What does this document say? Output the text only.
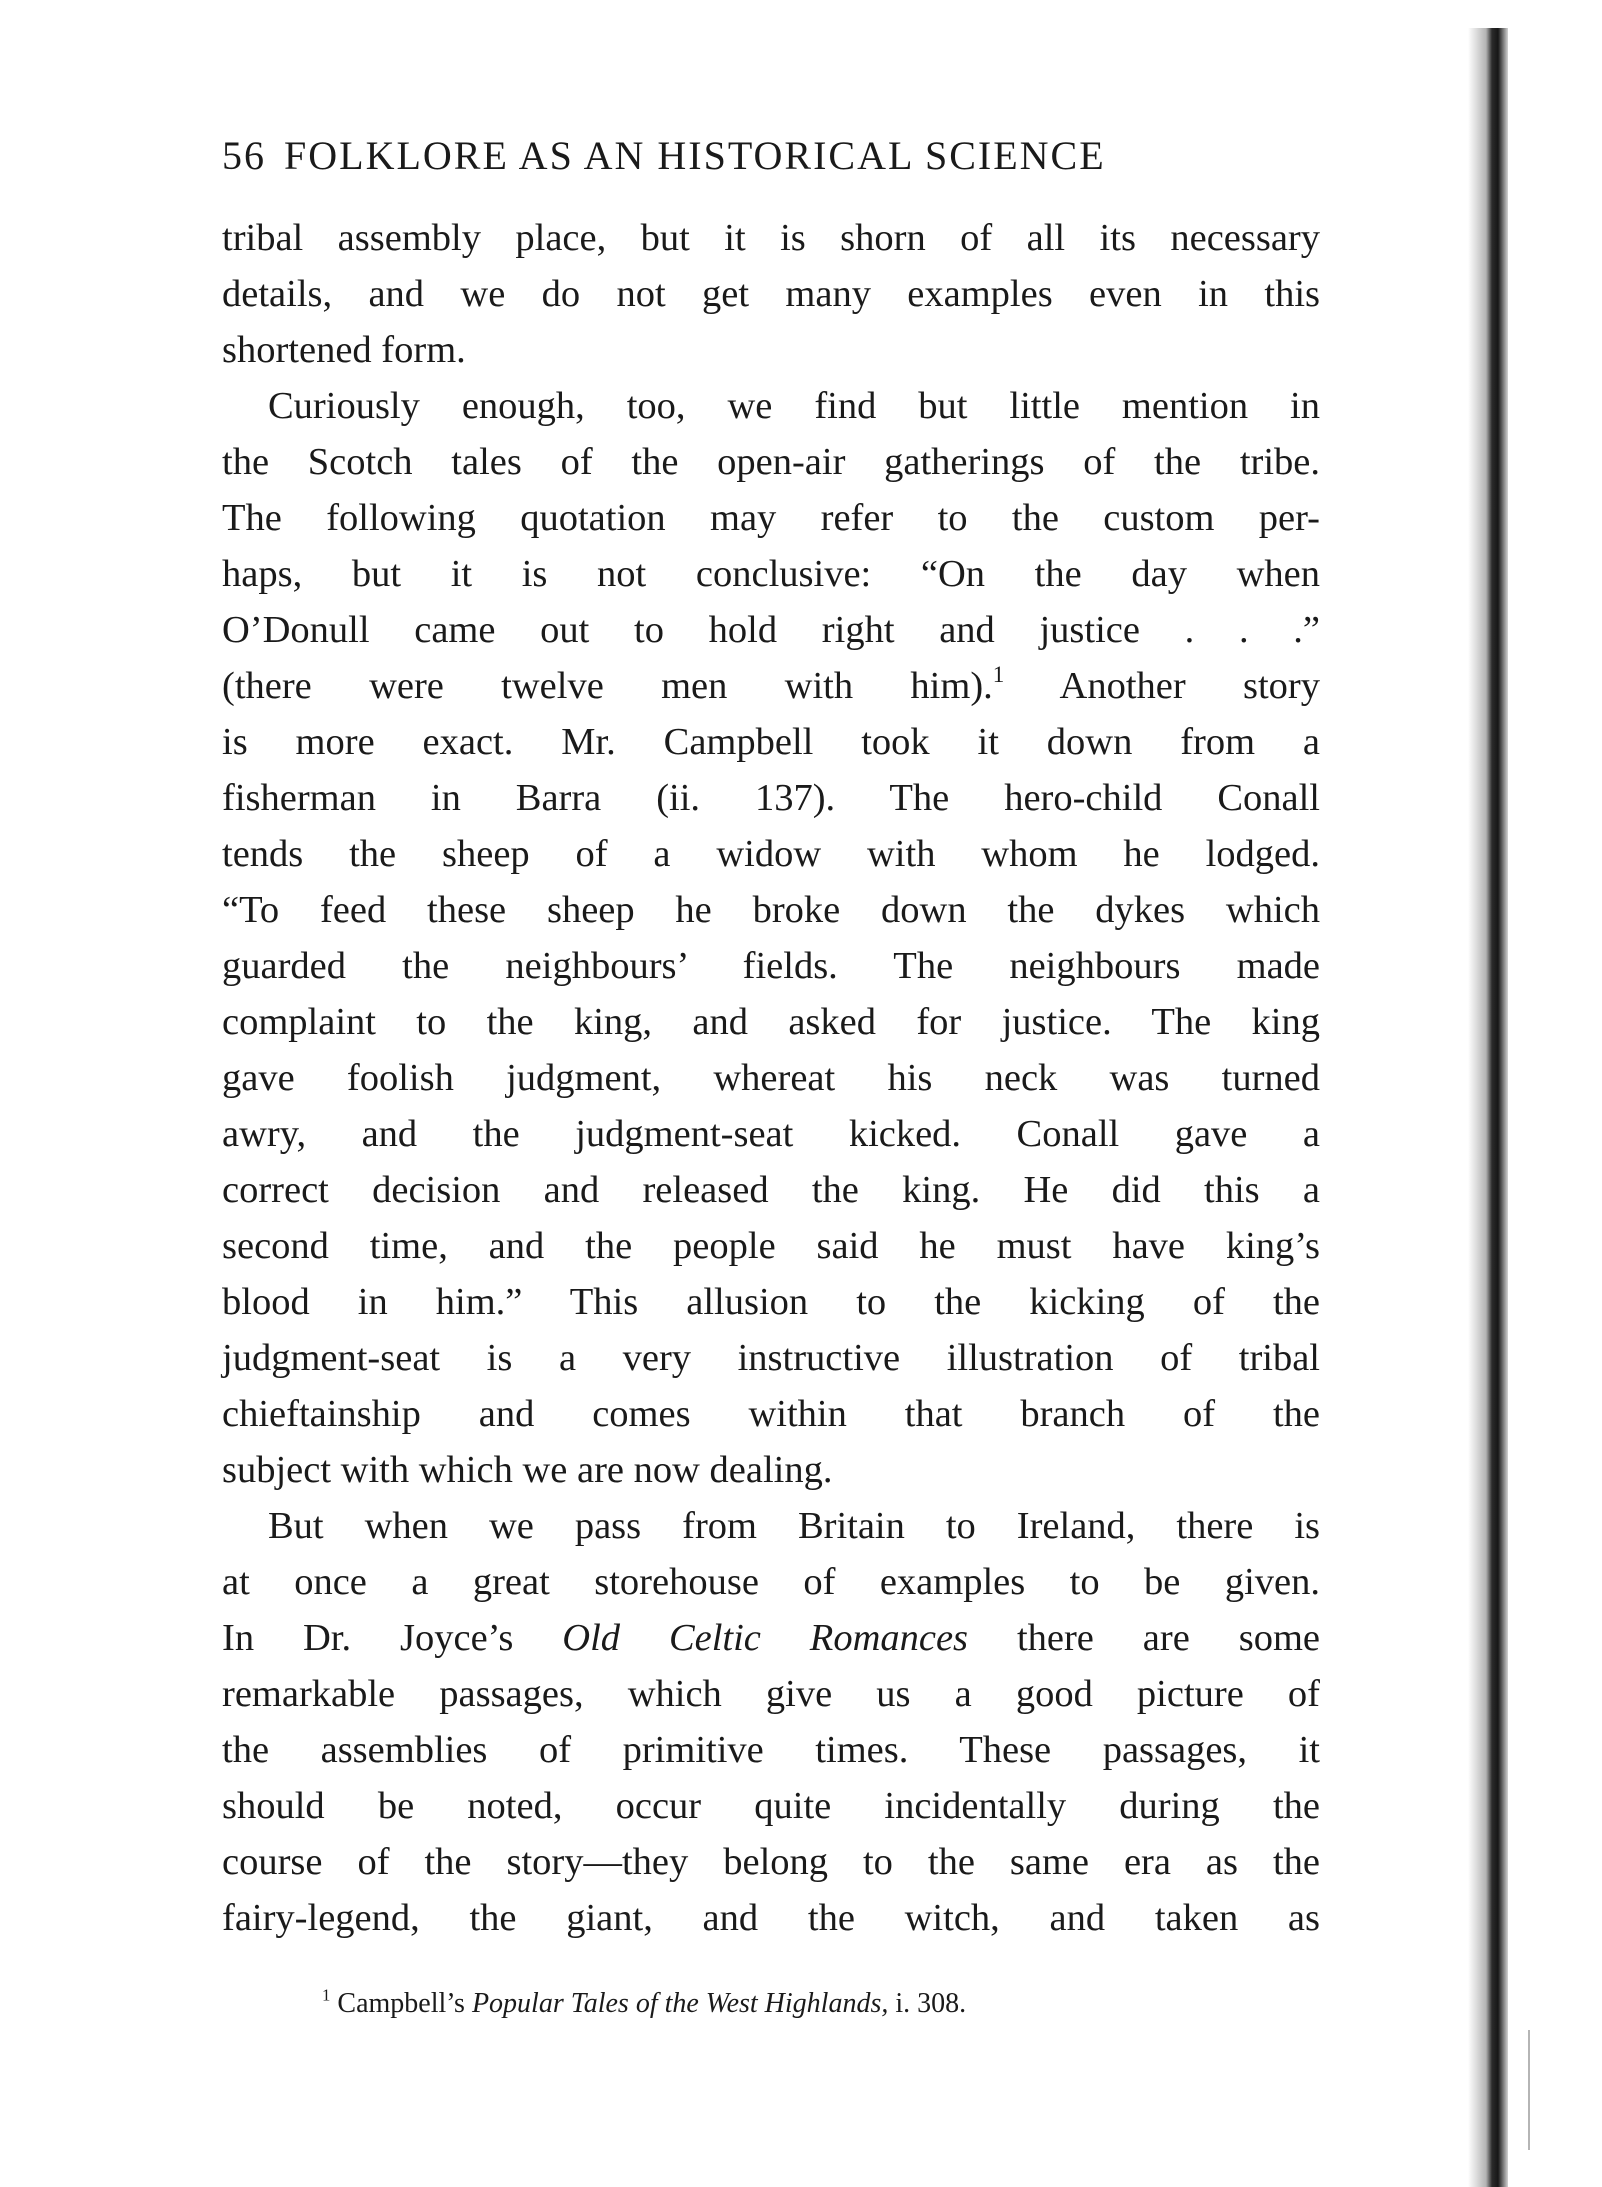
56 FOLKLORE AS AN HISTORICAL SCIENCE
tribal assembly place, but it is shorn of all its necessary
details, and we do not get many examples even in this
shortened form.
Curiously enough, too, we find but little mention in
the Scotch tales of the open-air gatherings of the tribe.
The following quotation may refer to the custom per-
haps, but it is not conclusive: “On the day when
O’Donull came out to hold right and justice . . .”
(there were twelve men with him).$^1$ Another story
is more exact. Mr. Campbell took it down from a
fisherman in Barra (ii. 137). The hero-child Conall
tends the sheep of a widow with whom he lodged.
“To feed these sheep he broke down the dykes which
guarded the neighbours’ fields. The neighbours made
complaint to the king, and asked for justice. The king
gave foolish judgment, whereat his neck was turned
awry, and the judgment-seat kicked. Conall gave a
correct decision and released the king. He did this a
second time, and the people said he must have king’s
blood in him.” This allusion to the kicking of the
judgment-seat is a very instructive illustration of tribal
chieftainship and comes within that branch of the
subject with which we are now dealing.
But when we pass from Britain to Ireland, there is
at once a great storehouse of examples to be given.
In Dr. Joyce’s Old Celtic Romances there are some
remarkable passages, which give us a good picture of
the assemblies of primitive times. These passages, it
should be noted, occur quite incidentally during the
course of the story—they belong to the same era as the
fairy-legend, the giant, and the witch, and taken as
$^1$ Campbell’s Popular Tales of the West Highlands, i. 308.
